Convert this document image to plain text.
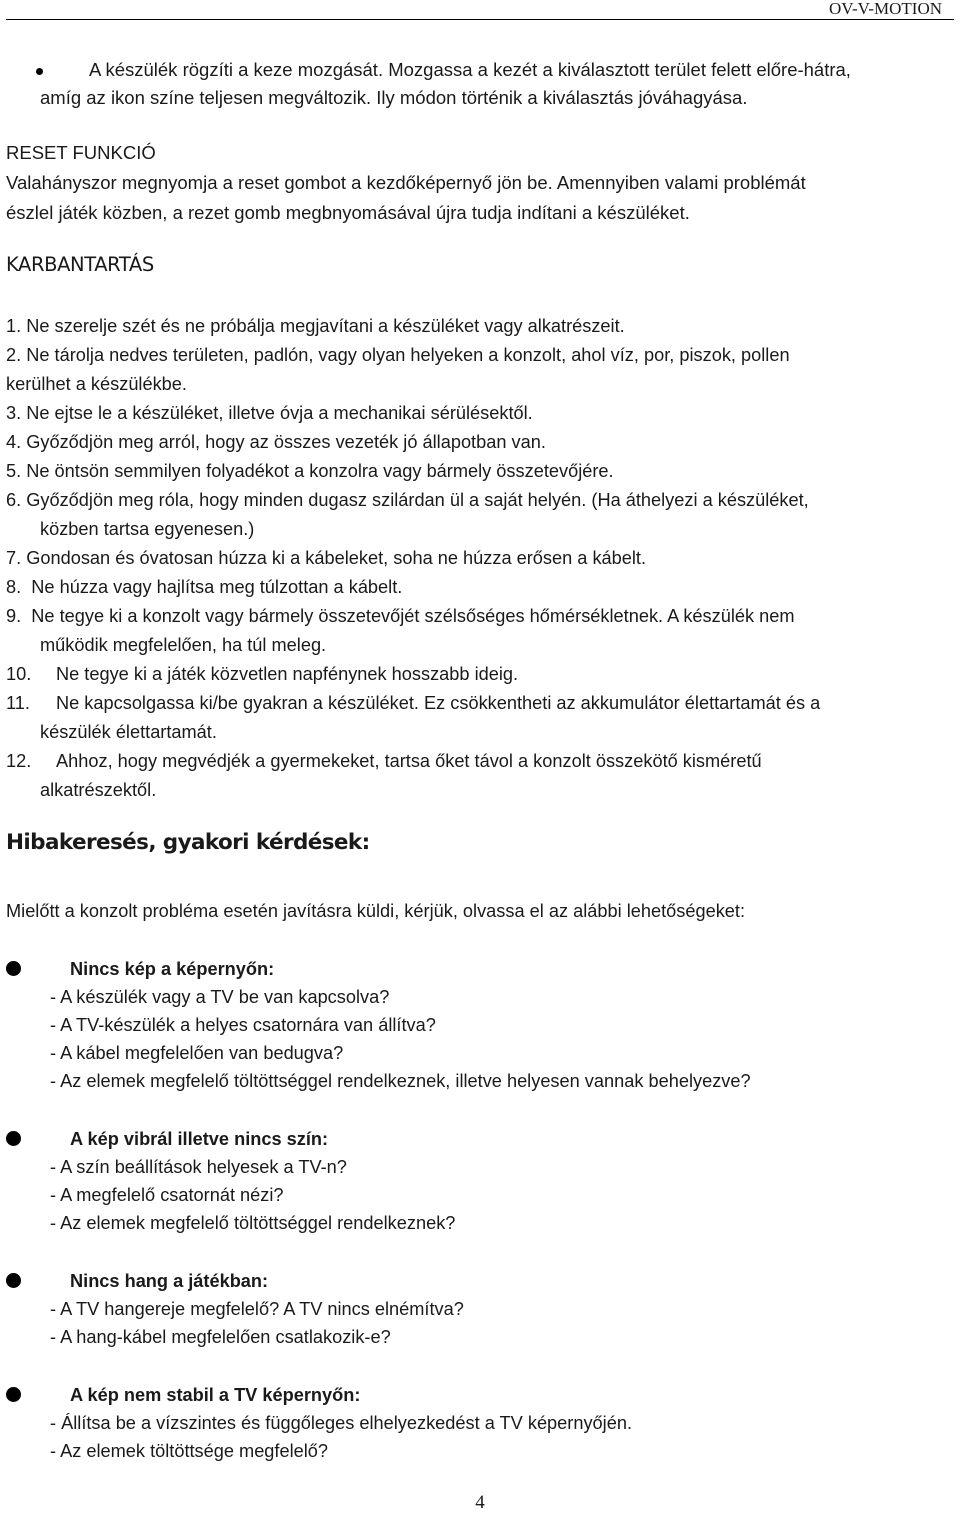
OV-V-MOTION

A készülék rögzíti a keze mozgását. Mozgassa a kezét a kiválasztott terület felett előre-hátra,

amíg az ikon színe teljesen megváltozik. Ily módon történik a kiválasztás jóváhagyása.

RESET FUNKCIÓ

Valahányszor megnyomja a reset gombot a kezdőképernyő jön be. Amennyiben valami problémát

észlel játék közben, a rezet gomb megbnyomásával újra tudja indítani a készüléket.

KARBANTARTÁS
1.
Ne szerelje szét és ne próbálja megjavítani a készüléket vagy alkatrészeit.
2.
Ne tárolja nedves területen, padlón, vagy olyan helyeken a konzolt, ahol víz, por, piszok, pollen
kerülhet a készülékbe.
3.
Ne ejtse le a készüléket, illetve óvja a mechanikai sérülésektől.
4.
Győződjön meg arról, hogy az összes vezeték jó állapotban van.
5.
Ne öntsön semmilyen folyadékot a konzolra vagy bármely összetevőjére.
6.
Győződjön meg róla, hogy minden dugasz szilárdan ül a saját helyén. (Ha áthelyezi a készüléket,
közben tartsa egyenesen.)
7.
Gondosan és óvatosan húzza ki a kábeleket, soha ne húzza erősen a kábelt.
8.
Ne húzza vagy hajlítsa meg túlzottan a kábelt.
9.
Ne tegye ki a konzolt vagy bármely összetevőjét szélsőséges hőmérsékletnek. A készülék nem
működik megfelelően, ha túl meleg.
10.	Ne tegye ki a játék közvetlen napfénynek hosszabb ideig.
11.	Ne kapcsolgassa ki/be gyakran a készüléket. Ez csökkentheti az akkumulátor élettartamát és a
készülék élettartamát.
12.	Ahhoz, hogy megvédjék a gyermekeket, tartsa őket távol a konzolt összekötő kisméretű
alkatrészektől.
Hibakeresés, gyakori kérdések:
Mielőtt a konzolt probléma esetén javításra küldi, kérjük, olvassa el az alábbi lehetőségeket:

Nincs kép a képernyőn:

- A készülék vagy a TV be van kapcsolva?

- A TV-készülék a helyes csatornára van állítva?

- A kábel megfelelően van bedugva?

- Az elemek megfelelő töltöttséggel rendelkeznek, illetve helyesen vannak behelyezve?

A kép vibrál illetve nincs szín:

- A szín beállítások helyesek a TV-n?

- A megfelelő csatornát nézi?

- Az elemek megfelelő töltöttséggel rendelkeznek?

Nincs hang a játékban:

- A TV hangereje megfelelő? A TV nincs elnémítva?

- A hang-kábel megfelelően csatlakozik-e?

A kép nem stabil a TV képernyőn:

- Állítsa be a vízszintes és függőleges elhelyezkedést a TV képernyőjén.

- Az elemek töltöttsége megfelelő?

4
